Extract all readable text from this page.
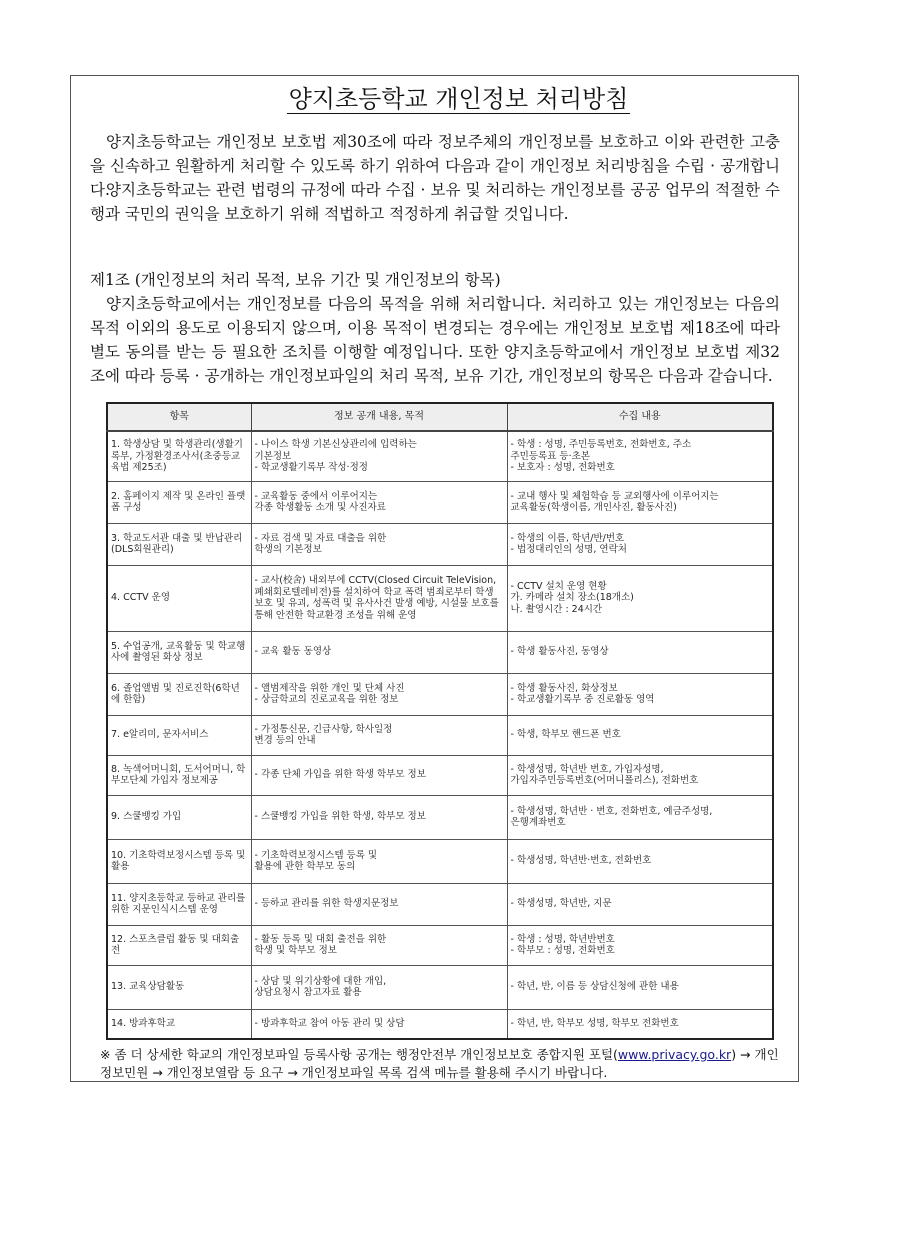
양지초등학교 개인정보 처리방침

양지초등학교는 개인정보 보호법 제30조에 따라 정보주체의 개인정보를 보호하고 이와 관련한 고충을 신속하고 원활하게 처리할 수 있도록 하기 위하여 다음과 같이 개인정보 처리방침을 수립 · 공개합니다.

양지초등학교는 관련 법령의 규정에 따라 수집 · 보유 및 처리하는 개인정보를 공공 업무의 적절한 수행과 국민의 권익을 보호하기 위해 적법하고 적정하게 취급할 것입니다.

제1조 (개인정보의 처리 목적, 보유 기간 및 개인정보의 항목)

양지초등학교에서는 개인정보를 다음의 목적을 위해 처리합니다. 처리하고 있는 개인정보는 다음의 목적 이외의 용도로 이용되지 않으며, 이용 목적이 변경되는 경우에는 개인정보 보호법 제18조에 따라 별도 동의를 받는 등 필요한 조치를 이행할 예정입니다. 또한 양지초등학교에서 개인정보 보호법 제32조에 따라 등록 · 공개하는 개인정보파일의 처리 목적, 보유 기간, 개인정보의 항목은 다음과 같습니다.

항목	정보 공개 내용, 목적	수집 내용
1. 학생상담 및 학생관리(생활기록부, 가정환경조사서(초중등교육법 제25조)	- 나이스 학생 기본신상관리에 입력하는
기본정보
- 학교생활기록부 작성·정정	- 학생 : 성명, 주민등록번호, 전화번호, 주소
주민등록표 등·초본
- 보호자 : 성명, 전화번호
2. 홈페이지 제작 및 온라인 플랫폼 구성	- 교육활동 중에서 이루어지는
각종 학생활동 소개 및 사진자료	- 교내 행사 및 체험학습 등 교외행사에 이루어지는
교육활동(학생이름, 개인사진, 활동사진)
3. 학교도서관 대출 및 반납관리(DLS회원관리)	- 자료 검색 및 자료 대출을 위한
학생의 기본정보	- 학생의 이름, 학년/반/번호
- 법정대리인의 성명, 연락처
4. CCTV 운영	- 교사(校舍) 내외부에 CCTV(Closed Circuit TeleVision, 폐쇄회로텔레비전)를 설치하여 학교 폭력 범죄로부터 학생 보호 및 유괴, 성폭력 및 유사사건 발생 예방, 시설물 보호를 통해 안전한 학교환경 조성을 위해 운영	- CCTV 설치 운영 현황
가. 카메라 설치 장소(18개소)
나. 촬영시간 : 24시간
5. 수업공개, 교육활동 및 학교행사에 촬영된 화상 정보	- 교육 활동 동영상	- 학생 활동사진, 동영상
6. 졸업앨범 및 진로진학(6학년에 한함)	- 앨범제작을 위한 개인 및 단체 사진
- 상급학교의 진로교육을 위한 정보	- 학생 활동사진, 화상정보
- 학교생활기록부 중 진로활동 영역
7. e알리미, 문자서비스	- 가정통신문, 긴급사항, 학사일정
변경 등의 안내	- 학생, 학부모 핸드폰 번호
8. 녹색어머니회, 도서어머니, 학부모단체 가입자 정보제공	- 각종 단체 가입을 위한 학생 학부모 정보	- 학생성명, 학년반 번호, 가입자성명,
가입자주민등록번호(어머니폴리스), 전화번호
9. 스쿨뱅킹 가입	- 스쿨뱅킹 가입을 위한 학생, 학부모 정보	- 학생성명, 학년반 · 번호, 전화번호, 예금주성명,
은행계좌번호
10. 기초학력보정시스템 등록 및 활용	- 기초학력보정시스템 등록 및
활용에 관한 학부모 동의	- 학생성명, 학년반·번호, 전화번호
11. 양지초등학교 등하교 관리를 위한 지문인식시스템 운영	- 등하교 관리를 위한 학생지문정보	- 학생성명, 학년반, 지문
12. 스포츠클럽 활동 및 대회출전	- 활동 등록 및 대회 출전을 위한
학생 및 학부모 정보	- 학생 : 성명, 학년반번호
- 학부모 : 성명, 전화번호
13. 교육상담활동	- 상담 및 위기상황에 대한 개입,
상담요청시 참고자료 활용	- 학년, 반, 이름 등 상담신청에 관한 내용
14. 방과후학교	- 방과후학교 참여 아동 관리 및 상담	- 학년, 반, 학부모 성명, 학부모 전화번호

※ 좀 더 상세한 학교의 개인정보파일 등록사항 공개는 행정안전부 개인정보보호 종합지원 포털(www.privacy.go.kr) → 개인정보민원 → 개인정보열람 등 요구 → 개인정보파일 목록 검색 메뉴를 활용해 주시기 바랍니다.
